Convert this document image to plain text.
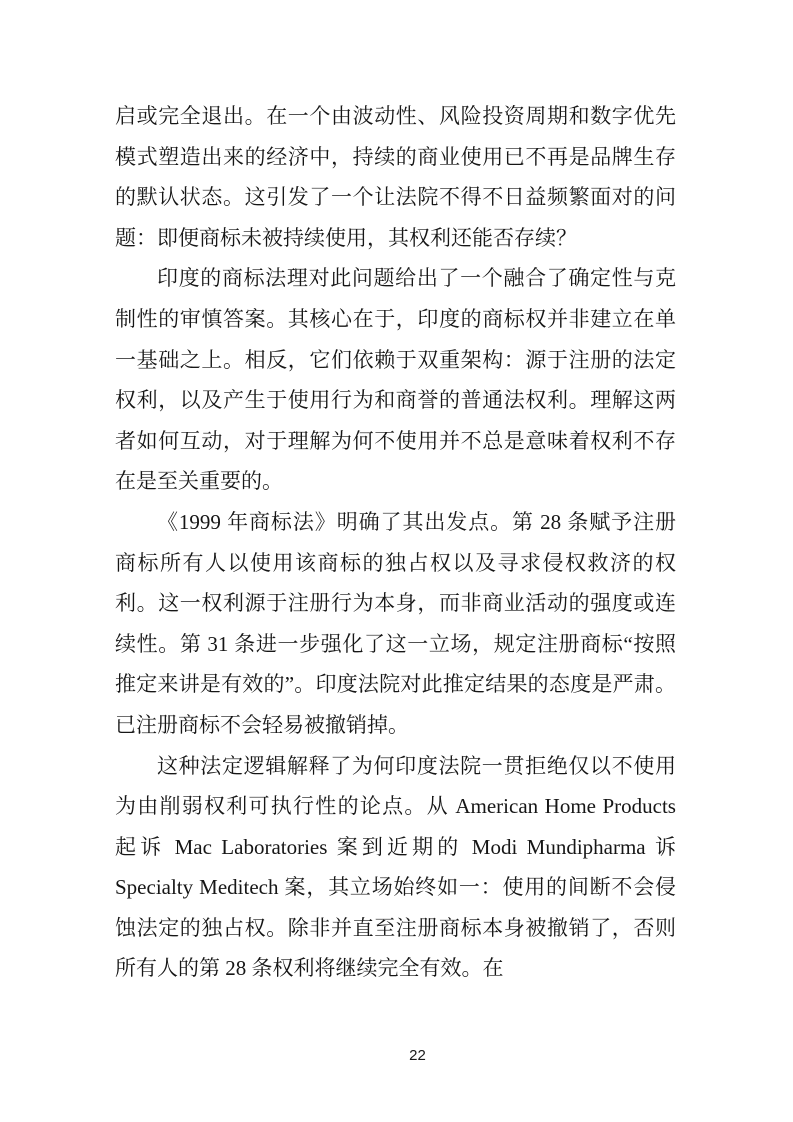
启或完全退出。在一个由波动性、风险投资周期和数字优先模式塑造出来的经济中，持续的商业使用已不再是品牌生存的默认状态。这引发了一个让法院不得不日益频繁面对的问题：即便商标未被持续使用，其权利还能否存续？

印度的商标法理对此问题给出了一个融合了确定性与克制性的审慎答案。其核心在于，印度的商标权并非建立在单一基础之上。相反，它们依赖于双重架构：源于注册的法定权利，以及产生于使用行为和商誉的普通法权利。理解这两者如何互动，对于理解为何不使用并不总是意味着权利不存在是至关重要的。

《1999 年商标法》明确了其出发点。第 28 条赋予注册商标所有人以使用该商标的独占权以及寻求侵权救济的权利。这一权利源于注册行为本身，而非商业活动的强度或连续性。第 31 条进一步强化了这一立场，规定注册商标“按照推定来讲是有效的”。印度法院对此推定结果的态度是严肃。已注册商标不会轻易被撤销掉。

这种法定逻辑解释了为何印度法院一贯拒绝仅以不使用为由削弱权利可执行性的论点。从 American Home Products 起诉 Mac Laboratories 案到近期的 Modi Mundipharma 诉 Specialty Meditech 案，其立场始终如一：使用的间断不会侵蚀法定的独占权。除非并直至注册商标本身被撤销了，否则所有人的第 28 条权利将继续完全有效。在

22
